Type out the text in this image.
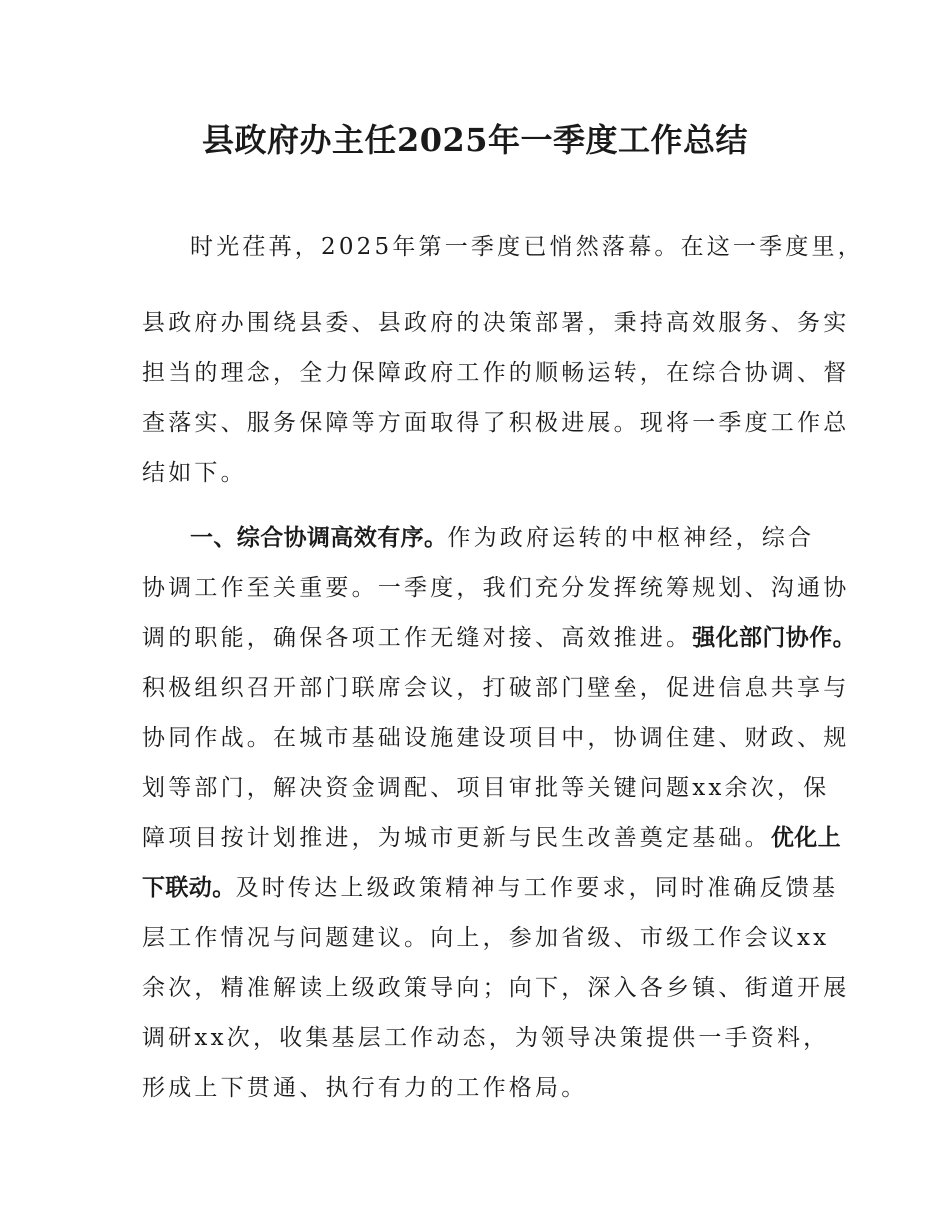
县政府办主任2025年一季度工作总结
时光荏苒，2025年第一季度已悄然落幕。在这一季度里，
县政府办围绕县委、县政府的决策部署，秉持高效服务、务实
担当的理念，全力保障政府工作的顺畅运转，在综合协调、督
查落实、服务保障等方面取得了积极进展。现将一季度工作总
结如下。
一、综合协调高效有序。作为政府运转的中枢神经，综合
协调工作至关重要。一季度，我们充分发挥统筹规划、沟通协
调的职能，确保各项工作无缝对接、高效推进。强化部门协作。
积极组织召开部门联席会议，打破部门壁垒，促进信息共享与
协同作战。在城市基础设施建设项目中，协调住建、财政、规
划等部门，解决资金调配、项目审批等关键问题xx余次，保
障项目按计划推进，为城市更新与民生改善奠定基础。优化上
下联动。及时传达上级政策精神与工作要求，同时准确反馈基
层工作情况与问题建议。向上，参加省级、市级工作会议xx
余次，精准解读上级政策导向；向下，深入各乡镇、街道开展
调研xx次，收集基层工作动态，为领导决策提供一手资料，
形成上下贯通、执行有力的工作格局。
